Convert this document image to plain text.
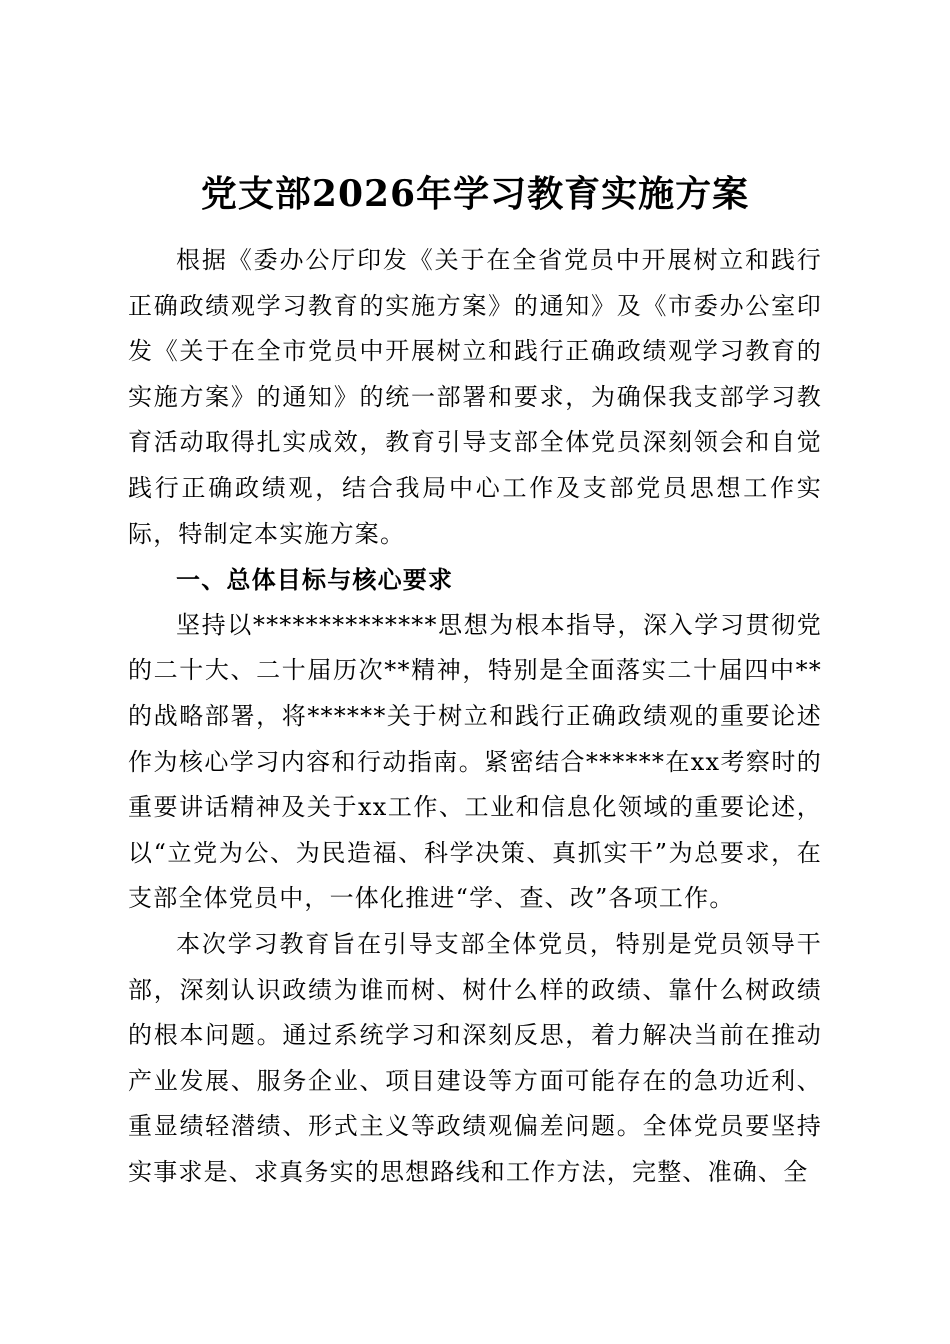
党支部2026年学习教育实施方案

根据《委办公厅印发《关于在全省党员中开展树立和践行正确政绩观学习教育的实施方案》的通知》及《市委办公室印发《关于在全市党员中开展树立和践行正确政绩观学习教育的实施方案》的通知》的统一部署和要求，为确保我支部学习教育活动取得扎实成效，教育引导支部全体党员深刻领会和自觉践行正确政绩观，结合我局中心工作及支部党员思想工作实际，特制定本实施方案。

一、总体目标与核心要求

坚持以**************思想为根本指导，深入学习贯彻党的二十大、二十届历次**精神，特别是全面落实二十届四中**的战略部署，将******关于树立和践行正确政绩观的重要论述作为核心学习内容和行动指南。紧密结合******在xx考察时的重要讲话精神及关于xx工作、工业和信息化领域的重要论述，以“立党为公、为民造福、科学决策、真抓实干”为总要求，在支部全体党员中，一体化推进“学、查、改”各项工作。

本次学习教育旨在引导支部全体党员，特别是党员领导干部，深刻认识政绩为谁而树、树什么样的政绩、靠什么树政绩的根本问题。通过系统学习和深刻反思，着力解决当前在推动产业发展、服务企业、项目建设等方面可能存在的急功近利、重显绩轻潜绩、形式主义等政绩观偏差问题。全体党员要坚持实事求是、求真务实的思想路线和工作方法，完整、准确、全
